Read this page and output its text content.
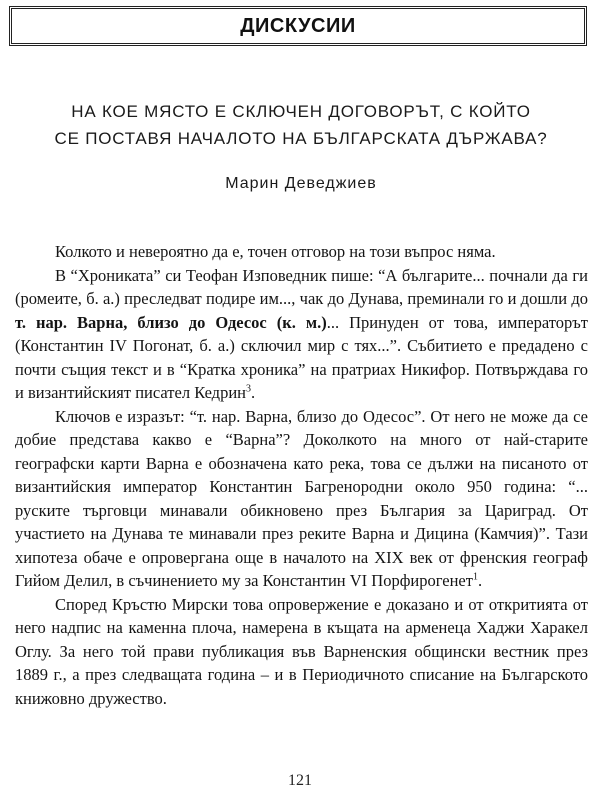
ДИСКУСИИ
НА КОЕ МЯСТО Е СКЛЮЧЕН ДОГОВОРЪТ, С КОЙТО
СЕ ПОСТАВЯ НАЧАЛОТО НА БЪЛГАРСКАТА ДЪРЖАВА?
Марин Деведжиев

Колкото и невероятно да е, точен отговор на този въпрос няма.

В “Хрониката” си Теофан Изповедник пише: “А българите... почнали да ги (ромеите, б. а.) преследват подире им..., чак до Дунава, преминали го и дошли до т. нар. Варна, близо до Одесос (к. м.)... Принуден от това, императорът (Константин IV Погонат, б. а.) сключил мир с тях...”. Събитието е предадено с почти същия текст и в “Кратка хроника” на пратриах Никифор. Потвърждава го и византийският писател Кедрин$^3$.

Ключов е изразът: “т. нар. Варна, близо до Одесос”. От него не може да се добие представа какво е “Варна”? Доколкото на много от най-старите географски карти Варна е обозначена като река, това се дължи на писаното от византийския император Константин Багренородни около 950 година: “... руските търговци минавали обикновено през България за Цариград. От участието на Дунава те минавали през реките Варна и Дицина (Камчия)”. Тази хипотеза обаче е опровергана още в началото на XIX век от френския географ Гийом Делил, в съчинението му за Константин VI Порфирогенет$^1$.

Според Кръстю Мирски това опровержение е доказано и от откритията от него надпис на каменна плоча, намерена в къщата на арменеца Хаджи Харакел Оглу. За него той прави публикация във Варненския общински вестник през 1889 г., а през следващата година – и в Периодичното списание на Българското книжовно дружество.

121
